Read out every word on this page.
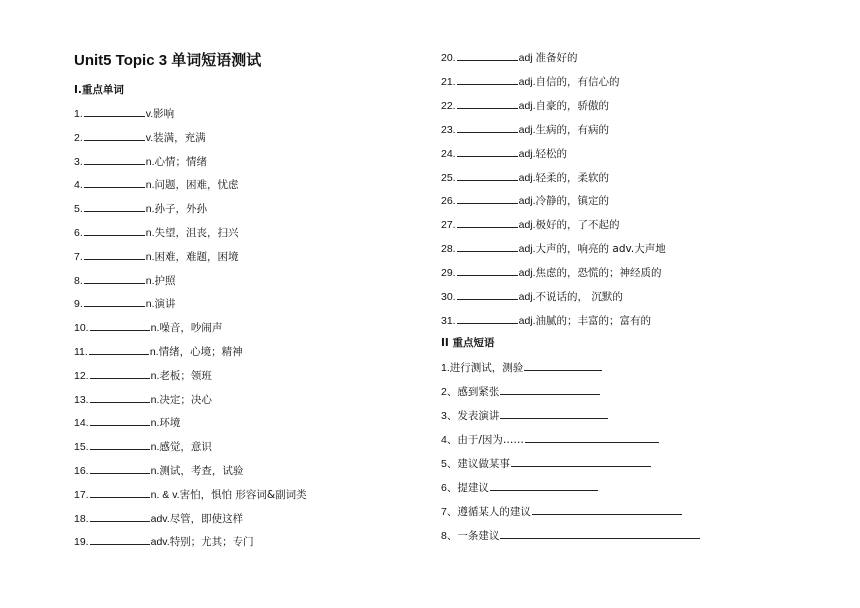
Unit5 Topic 3 单词短语测试
I.重点单词
II 重点短语
1.	v.影响
2.	v.装满，充满
3.	n.心情；情绪
4.	n.问题，困难，忧虑
5.	n.孙子，外孙
6.	n.失望，沮丧，扫兴
7.	n.困难，难题，困境
8.	n.护照
9.	n.演讲
10.	n.噪音，吵闹声
11.	n.情绪，心境；精神
12.	n.老板；领班
13.	n.决定；决心
14.	n.环境
15.	n.感觉，意识
16.	n.测试，考查，试验
17.	n. & v.害怕，惧怕 形容词&副词类
18.	adv.尽管，即使这样
19.	adv.特别；尤其；专门
20.	adj 准备好的
21.	adj.自信的，有信心的
22.	adj.自豪的，骄傲的
23.	adj.生病的，有病的
24.	adj.轻松的
25.	adj.轻柔的，柔软的
26.	adj.冷静的，镇定的
27.	adj.极好的，了不起的
28.	adj.大声的，响亮的 adv.大声地
29.	adj.焦虑的，恐慌的；神经质的
30.	adj.不说话的， 沉默的
31.	adj.油腻的；丰富的；富有的
1.进行测试，测验
2、感到紧张
3、发表演讲
4、由于/因为……
5、建议做某事
6、提建议
7、遵循某人的建议
8、一条建议
